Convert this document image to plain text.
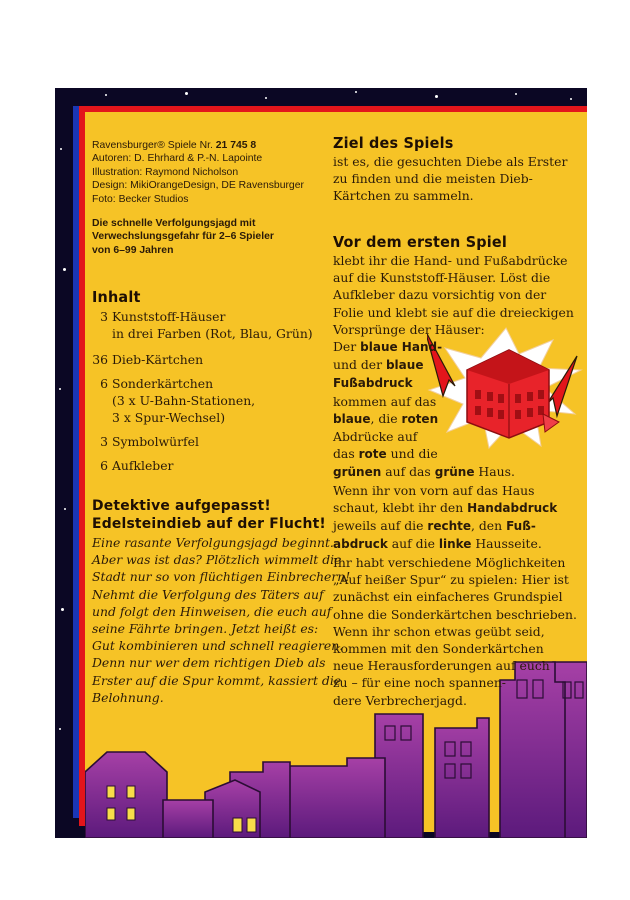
Ravensburger® Spiele Nr. 21 745 8
Autoren: D. Ehrhard & P.-N. Lapointe
Illustration: Raymond Nicholson
Design: MikiOrangeDesign, DE Ravensburger
Foto: Becker Studios
Die schnelle Verfolgungsjagd mit
Verwechslungsgefahr für 2–6 Spieler
von 6–99 Jahren
Inhalt
3 Kunststoff-Häuser
in drei Farben (Rot, Blau, Grün)
36 Dieb-Kärtchen
6 Sonderkärtchen
(3 x U-Bahn-Stationen,
3 x Spur-Wechsel)
3 Symbolwürfel
6 Aufkleber
Detektive aufgepasst!
Edelsteindieb auf der Flucht!
Eine rasante Verfolgungsjagd beginnt.
Aber was ist das? Plötzlich wimmelt die
Stadt nur so von flüchtigen Einbrechern!
Nehmt die Verfolgung des Täters auf
und folgt den Hinweisen, die euch auf
seine Fährte bringen. Jetzt heißt es:
Gut kombinieren und schnell reagieren.
Denn nur wer dem richtigen Dieb als
Erster auf die Spur kommt, kassiert die
Belohnung.
Ziel des Spiels
ist es, die gesuchten Diebe als Erster
zu finden und die meisten Dieb-
Kärtchen zu sammeln.
Vor dem ersten Spiel
klebt ihr die Hand- und Fußabdrücke
auf die Kunststoff-Häuser. Löst die
Aufkleber dazu vorsichtig von der
Folie und klebt sie auf die dreieckigen
Vorsprünge der Häuser:
Der blaue Hand-
und der blaue
Fußabdruck
kommen auf das
blaue, die roten
Abdrücke auf
das rote und die
grünen auf das grüne Haus.
Wenn ihr von vorn auf das Haus
schaut, klebt ihr den Handabdruck
jeweils auf die rechte, den Fuß-
abdruck auf die linke Hausseite.
Ihr habt verschiedene Möglichkeiten
„Auf heißer Spur“ zu spielen: Hier ist
zunächst ein einfacheres Grundspiel
ohne die Sonderkärtchen beschrieben.
Wenn ihr schon etwas geübt seid,
kommen mit den Sonderkärtchen
neue Herausforderungen auf euch
zu – für eine noch spannen-
dere Verbrecherjagd.
